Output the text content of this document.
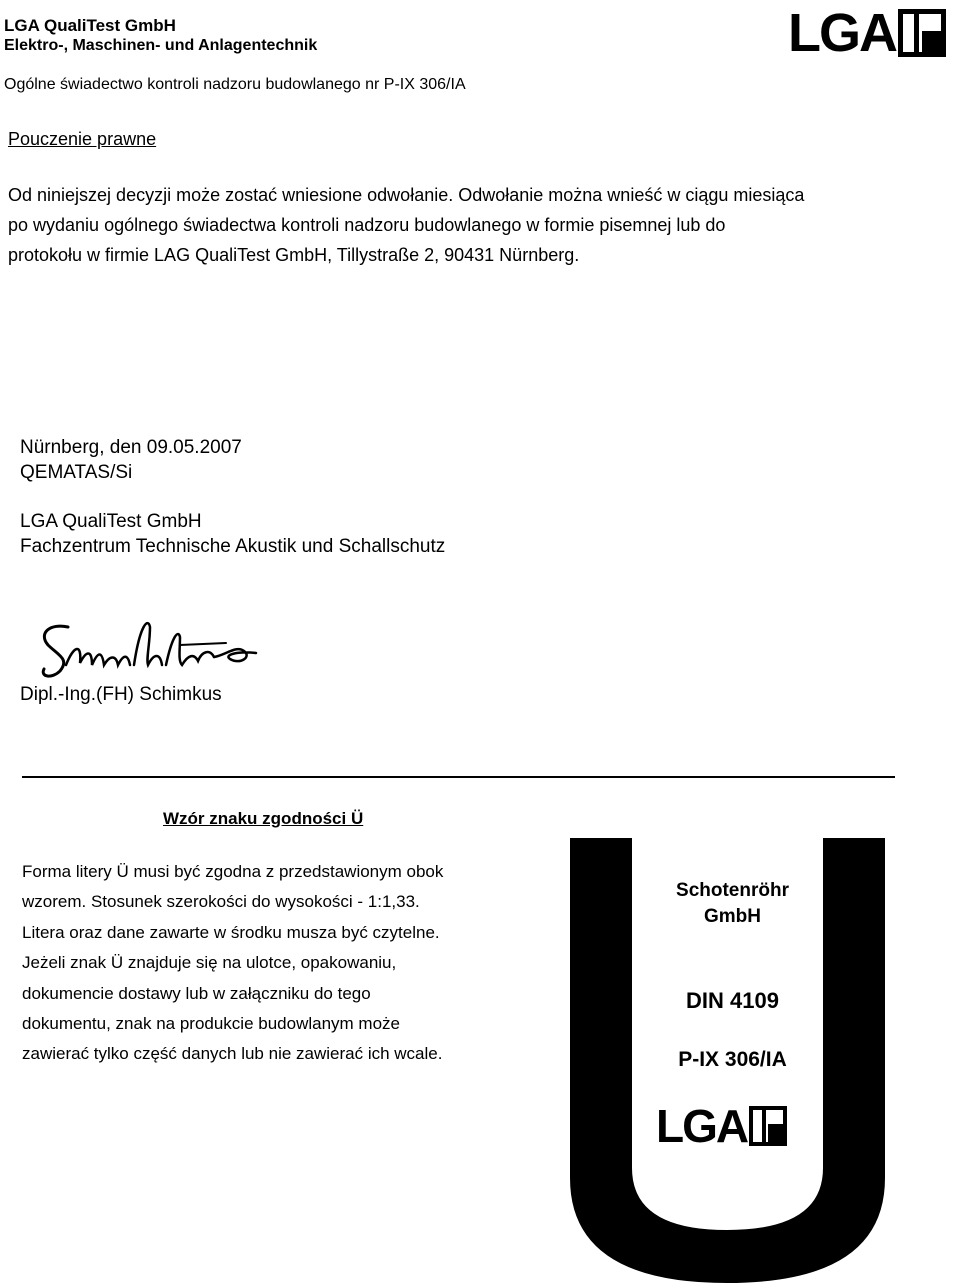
LGA QualiTest GmbH
Elektro-, Maschinen- und Anlagentechnik	LGA
Ogólne świadectwo kontroli nadzoru budowlanego nr P-IX 306/IA
Pouczenie prawne
Od niniejszej decyzji może zostać wniesione odwołanie. Odwołanie można wnieść w ciągu miesiąca
po wydaniu ogólnego świadectwa kontroli nadzoru budowlanego w formie pisemnej lub do
protokołu w firmie LAG QualiTest GmbH, Tillystraße 2, 90431 Nürnberg.
Nürnberg, den 09.05.2007
QEMATAS/Si
LGA QualiTest GmbH
Fachzentrum Technische Akustik und Schallschutz
Dipl.-Ing.(FH) Schimkus
Wzór znaku zgodności Ü
Forma litery Ü musi być zgodna z przedstawionym obok
wzorem. Stosunek szerokości do wysokości - 1:1,33.
Litera oraz dane zawarte w środku musza być czytelne.
Jeżeli znak Ü znajduje się na ulotce, opakowaniu,
dokumencie dostawy lub w załączniku do tego
dokumentu, znak na produkcie budowlanym może
zawierać tylko część danych lub nie zawierać ich wcale.
Schotenröhr
GmbH
DIN 4109
P-IX 306/IA
LGA
